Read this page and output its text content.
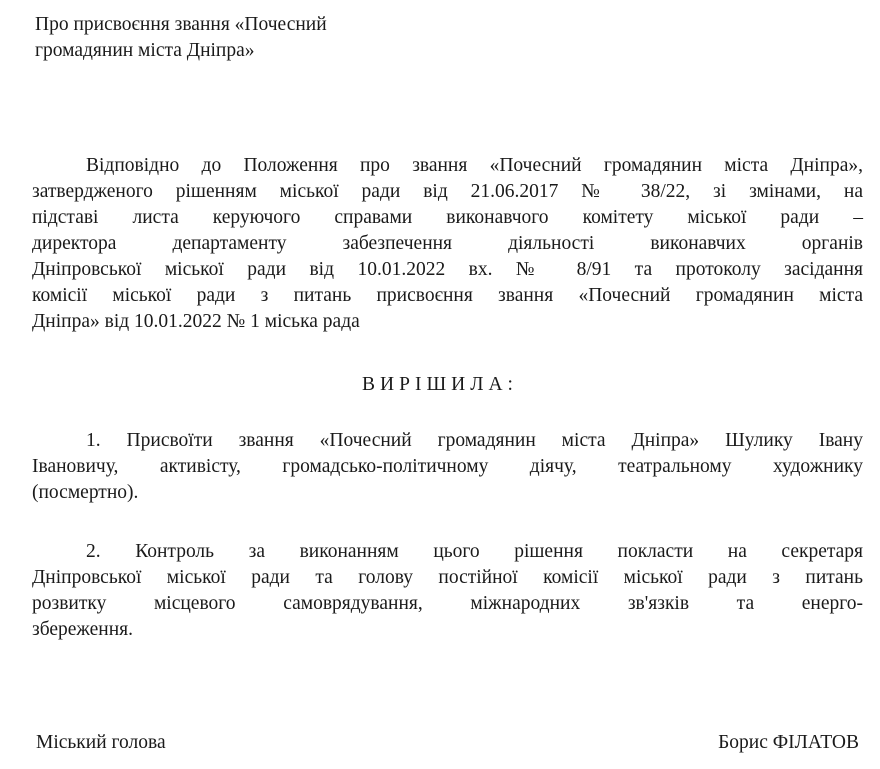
Про присвоєння звання «Почесний
громадянин міста Дніпра»
Відповідно до Положення про звання «Почесний громадянин міста Дніпра»,
затвердженого рішенням міської ради від 21.06.2017 № 38/22, зі змінами, на
підставі листа керуючого справами виконавчого комітету міської ради –
директора департаменту забезпечення діяльності виконавчих органів
Дніпровської міської ради від 10.01.2022 вх. № 8/91 та протоколу засідання
комісії міської ради з питань присвоєння звання «Почесний громадянин міста
Дніпра» від 10.01.2022 № 1 міська рада
ВИРІШИЛА:
1. Присвоїти звання «Почесний громадянин міста Дніпра» Шулику Івану
Івановичу, активісту, громадсько-політичному діячу, театральному художнику
(посмертно).
2. Контроль за виконанням цього рішення покласти на секретаря
Дніпровської міської ради та голову постійної комісії міської ради з питань
розвитку місцевого самоврядування, міжнародних зв'язків та енерго-
збереження.
Міський голова	Борис ФІЛАТОВ
